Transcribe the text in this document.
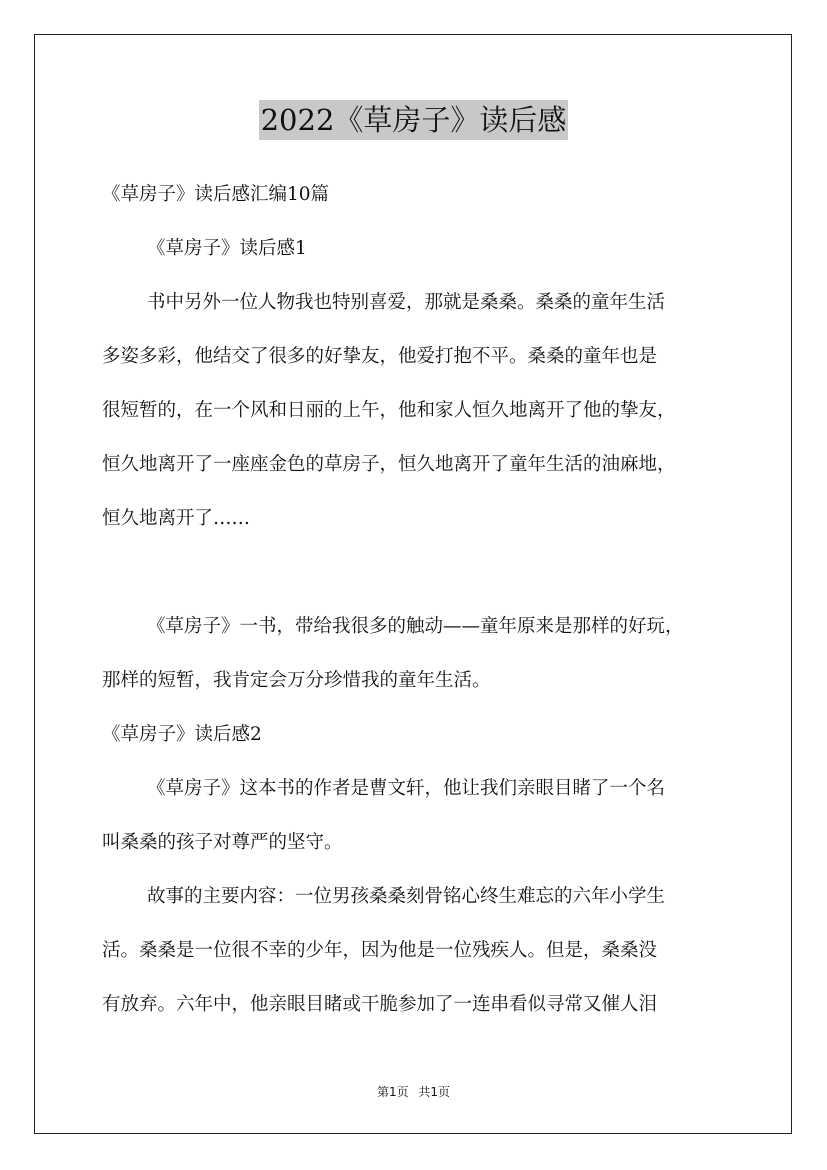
2022《草房子》读后感
《草房子》读后感汇编10篇
《草房子》读后感1
书中另外一位人物我也特别喜爱，那就是桑桑。桑桑的童年生活
多姿多彩，他结交了很多的好挚友，他爱打抱不平。桑桑的童年也是
很短暂的，在一个风和日丽的上午，他和家人恒久地离开了他的挚友，
恒久地离开了一座座金色的草房子，恒久地离开了童年生活的油麻地，
恒久地离开了……
《草房子》一书，带给我很多的触动——童年原来是那样的好玩，
那样的短暂，我肯定会万分珍惜我的童年生活。
《草房子》读后感2
《草房子》这本书的作者是曹文轩，他让我们亲眼目睹了一个名
叫桑桑的孩子对尊严的坚守。
故事的主要内容：一位男孩桑桑刻骨铭心终生难忘的六年小学生
活。桑桑是一位很不幸的少年，因为他是一位残疾人。但是，桑桑没
有放弃。六年中，他亲眼目睹或干脆参加了一连串看似寻常又催人泪
第1页 共1页
